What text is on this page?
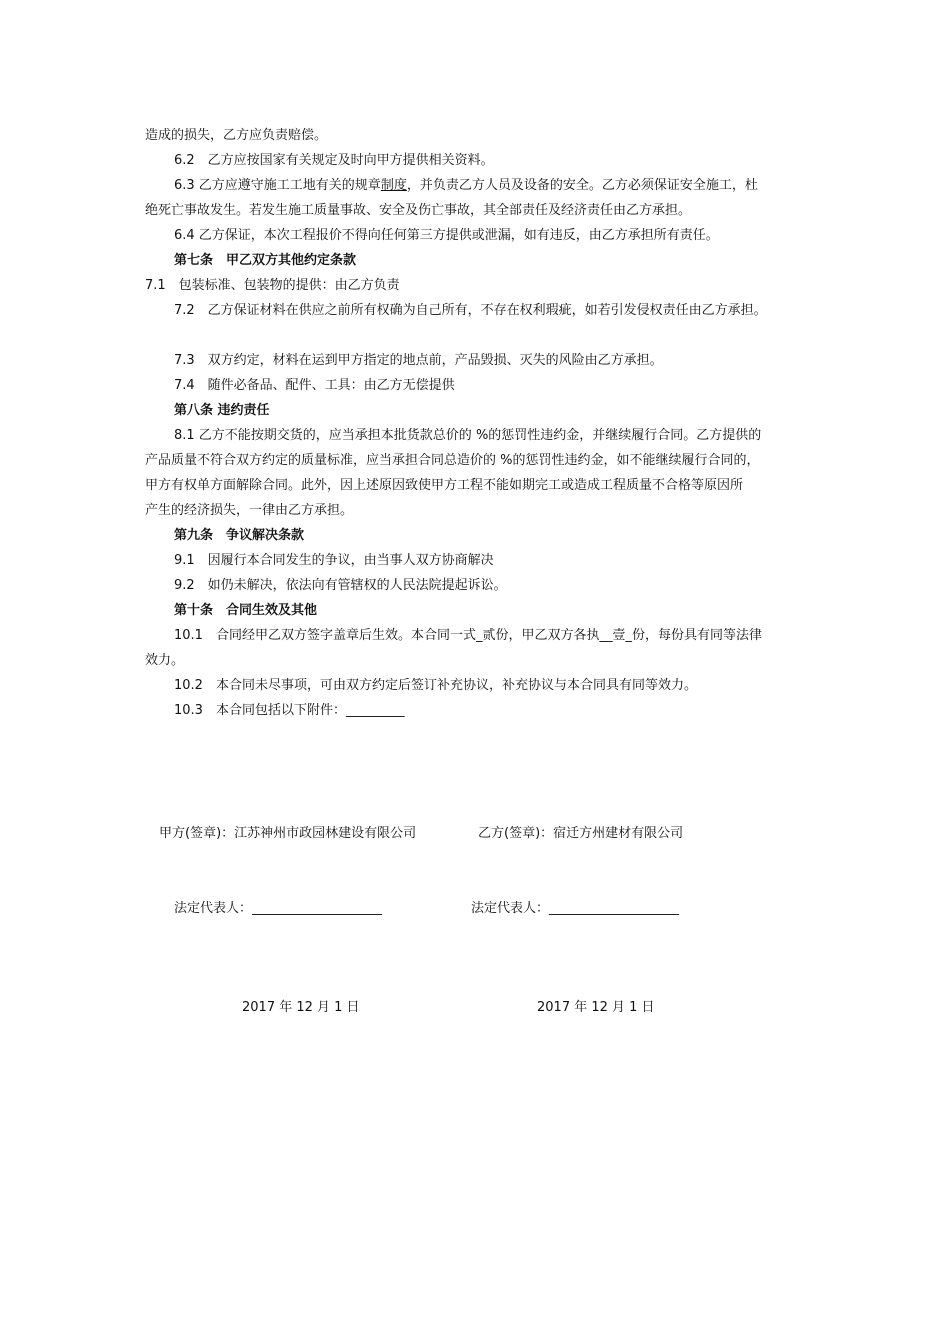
造成的损失，乙方应负责赔偿。
6.2　乙方应按国家有关规定及时向甲方提供相关资料。
6.3 乙方应遵守施工工地有关的规章制度，并负责乙方人员及设备的安全。乙方必须保证安全施工，杜
绝死亡事故发生。若发生施工质量事故、安全及伤亡事故，其全部责任及经济责任由乙方承担。
6.4 乙方保证，本次工程报价不得向任何第三方提供或泄漏，如有违反，由乙方承担所有责任。
第七条　甲乙双方其他约定条款
7.1　包装标准、包装物的提供：由乙方负责
7.2　乙方保证材料在供应之前所有权确为自己所有，不存在权利瑕疵，如若引发侵权责任由乙方承担。
7.3　双方约定，材料在运到甲方指定的地点前，产品毁损、灭失的风险由乙方承担。
7.4　随件必备品、配件、工具：由乙方无偿提供
第八条 违约责任
8.1 乙方不能按期交货的，应当承担本批货款总价的 %的惩罚性违约金，并继续履行合同。乙方提供的
产品质量不符合双方约定的质量标准，应当承担合同总造价的 %的惩罚性违约金，如不能继续履行合同的，
甲方有权单方面解除合同。此外，因上述原因致使甲方工程不能如期完工或造成工程质量不合格等原因所
产生的经济损失，一律由乙方承担。
第九条　争议解决条款
9.1　因履行本合同发生的争议，由当事人双方协商解决
9.2　如仍未解决，依法向有管辖权的人民法院提起诉讼。
第十条　合同生效及其他
10.1　合同经甲乙双方签字盖章后生效。本合同一式_贰份，甲乙双方各执__壹_份，每份具有同等法律
效力。
10.2　本合同未尽事项，可由双方约定后签订补充协议，补充协议与本合同具有同等效力。
10.3　本合同包括以下附件：_________
甲方(签章)：江苏神州市政园林建设有限公司	乙方(签章)：宿迁方州建材有限公司
法定代表人：____________________	法定代表人：____________________
2017 年 12 月 1 日	2017 年 12 月 1 日
